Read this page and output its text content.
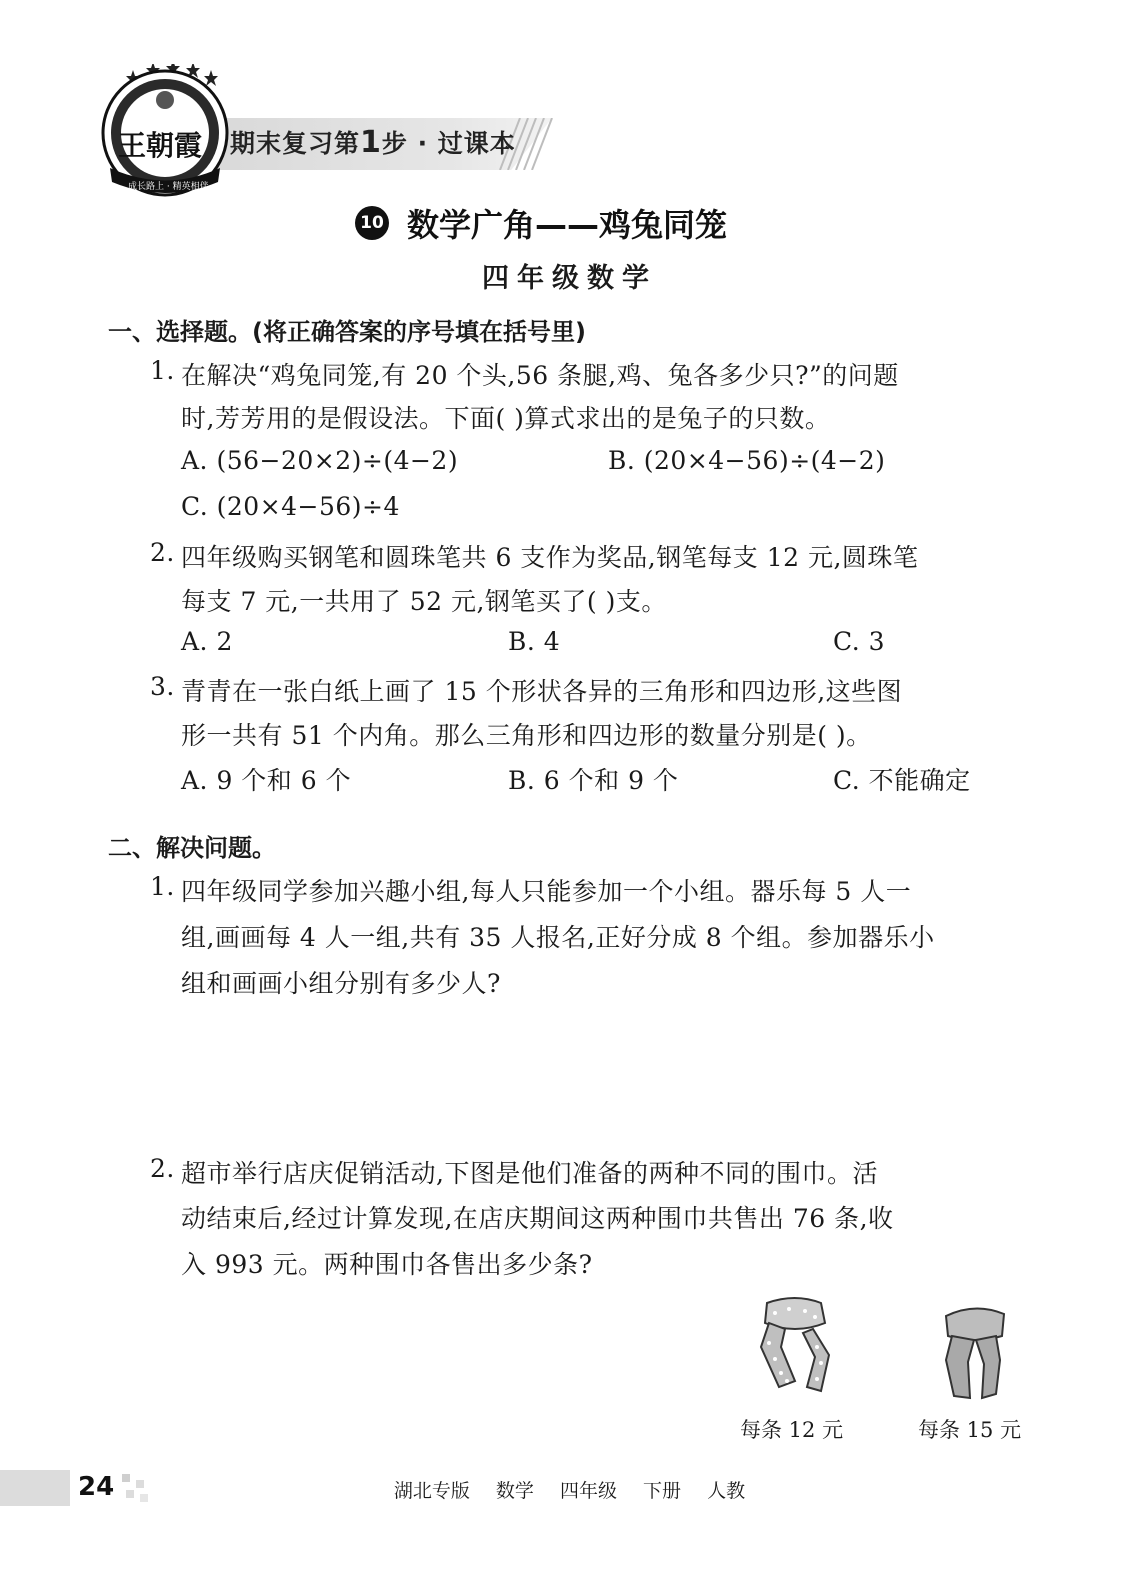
王朝霞
成长路上 · 精英相伴
期末复习第1步 · 过课本
10 数学广角——鸡兔同笼
四年级数学
一、选择题。(将正确答案的序号填在括号里)
1. 在解决“鸡兔同笼,有 20 个头,56 条腿,鸡、兔各多少只?”的问题
时,芳芳用的是假设法。下面( )算式求出的是兔子的只数。
A. (56−20×2)÷(4−2)	B. (20×4−56)÷(4−2)
C. (20×4−56)÷4
2. 四年级购买钢笔和圆珠笔共 6 支作为奖品,钢笔每支 12 元,圆珠笔
每支 7 元,一共用了 52 元,钢笔买了( )支。
A. 2	B. 4	C. 3
3. 青青在一张白纸上画了 15 个形状各异的三角形和四边形,这些图
形一共有 51 个内角。那么三角形和四边形的数量分别是( )。
A. 9 个和 6 个	B. 6 个和 9 个	C. 不能确定
二、解决问题。
1. 四年级同学参加兴趣小组,每人只能参加一个小组。器乐每 5 人一
组,画画每 4 人一组,共有 35 人报名,正好分成 8 个组。参加器乐小
组和画画小组分别有多少人?
2. 超市举行店庆促销活动,下图是他们准备的两种不同的围巾。活
动结束后,经过计算发现,在店庆期间这两种围巾共售出 76 条,收
入 993 元。两种围巾各售出多少条?
每条 12 元	每条 15 元
24	湖北专版 数学 四年级 下册 人教
